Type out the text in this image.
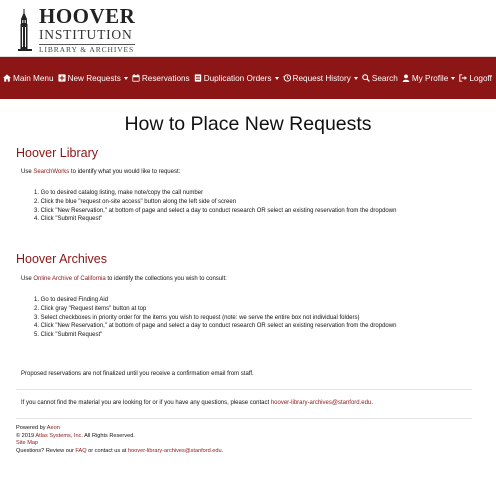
HOOVER
INSTITUTION
LIBRARY & ARCHIVES
Main Menu New Requests	Reservations Duplication Orders	Request History	Search My Profile	Logoff
How to Place New Requests
Hoover Library
Use SearchWorks to identify what you would like to request:
1. Go to desired catalog listing, make note/copy the call number
2. Click the blue "request on-site access" button along the left side of screen
3. Click "New Reservation," at bottom of page and select a day to conduct research OR select an existing reservation from the dropdown
4. Click "Submit Request"
Hoover Archives
Use Online Archive of California to identify the collections you wish to consult:
1. Go to desired Finding Aid
2. Click gray "Request items" button at top
3. Select checkboxes in priority order for the items you wish to request (note: we serve the entire box not individual folders)
4. Click "New Reservation," at bottom of page and select a day to conduct research OR select an existing reservation from the dropdown
5. Click "Submit Request"
Proposed reservations are not finalized until you receive a confirmation email from staff.
If you cannot find the material you are looking for or if you have any questions, please contact hoover-library-archives@stanford.edu.
Powered by Aeon
© 2019 Atlas Systems, Inc. All Rights Reserved.
Site Map
Questions? Review our FAQ or contact us at hoover-library-archives@stanford.edu.
